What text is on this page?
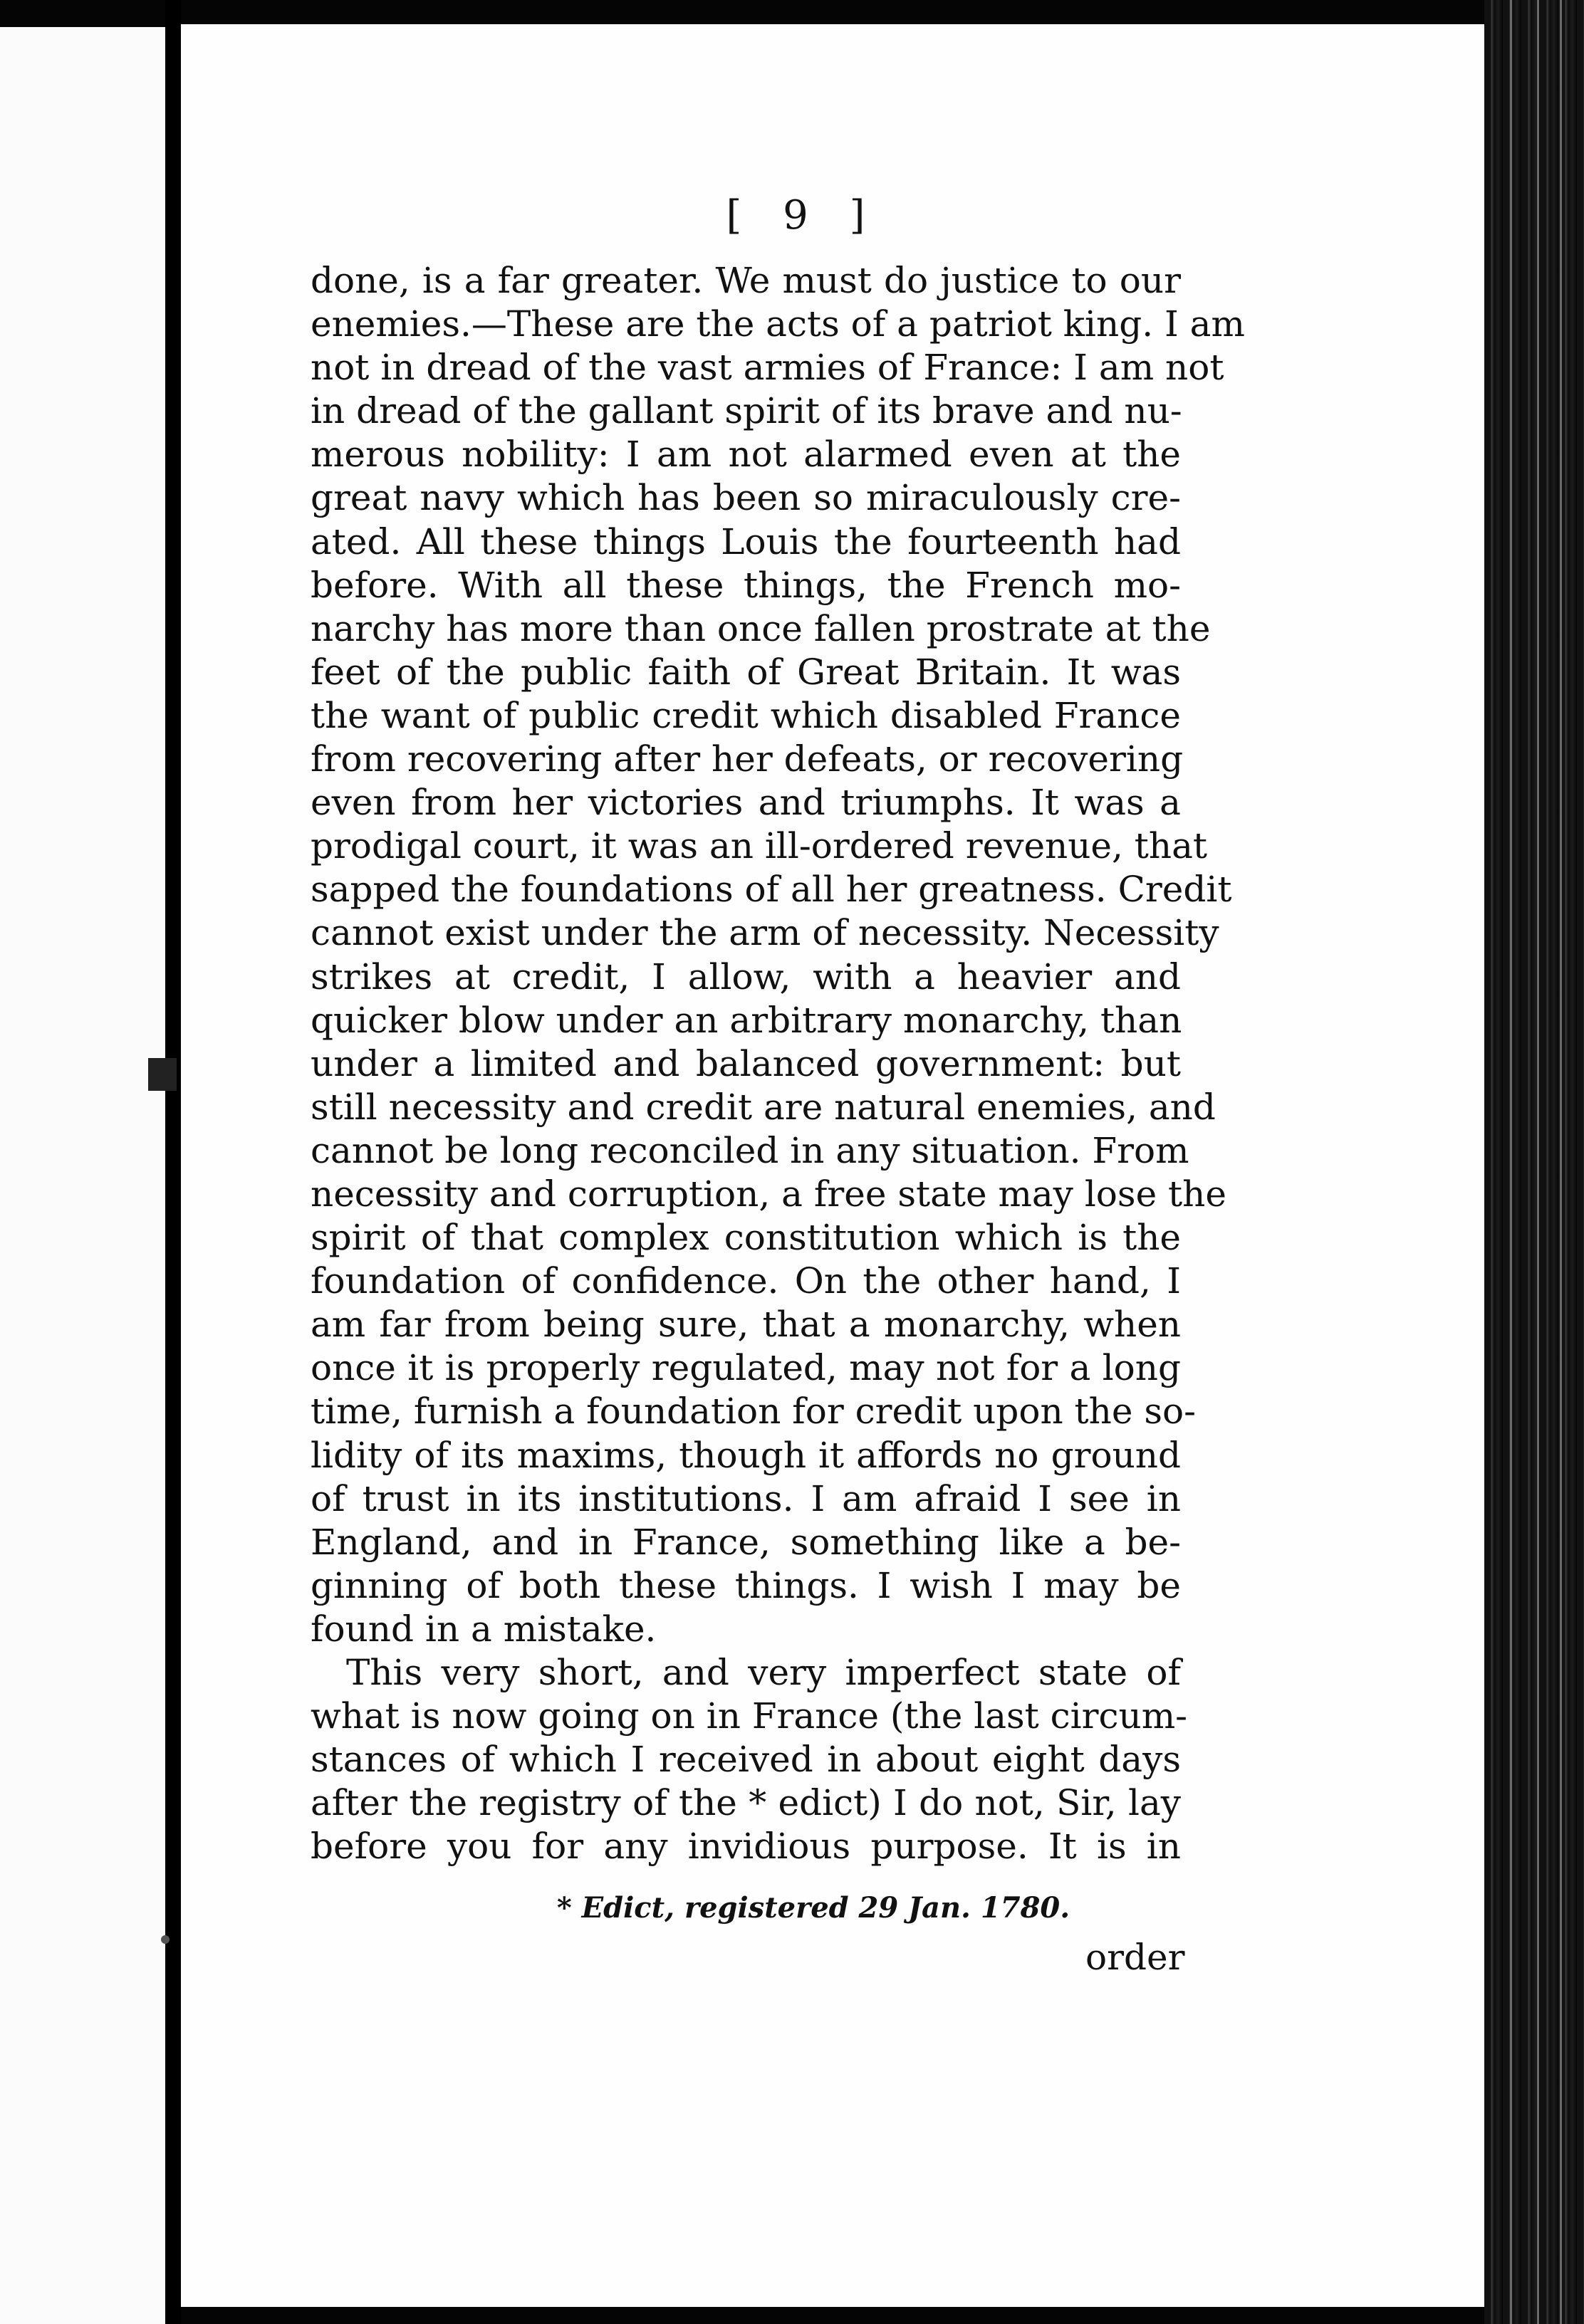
[ 9 ]
done, is a far greater. We must do justice to our
enemies.—These are the acts of a patriot king. I am
not in dread of the vast armies of France: I am not
in dread of the gallant spirit of its brave and nu-
merous nobility: I am not alarmed even at the
great navy which has been so miraculously cre-
ated. All these things Louis the fourteenth had
before. With all these things, the French mo-
narchy has more than once fallen prostrate at the
feet of the public faith of Great Britain. It was
the want of public credit which disabled France
from recovering after her defeats, or recovering
even from her victories and triumphs. It was a
prodigal court, it was an ill-ordered revenue, that
sapped the foundations of all her greatness. Credit
cannot exist under the arm of necessity. Necessity
strikes at credit, I allow, with a heavier and
quicker blow under an arbitrary monarchy, than
under a limited and balanced government: but
still necessity and credit are natural enemies, and
cannot be long reconciled in any situation. From
necessity and corruption, a free state may lose the
spirit of that complex constitution which is the
foundation of confidence. On the other hand, I
am far from being sure, that a monarchy, when
once it is properly regulated, may not for a long
time, furnish a foundation for credit upon the so-
lidity of its maxims, though it affords no ground
of trust in its institutions. I am afraid I see in
England, and in France, something like a be-
ginning of both these things. I wish I may be
found in a mistake.
This very short, and very imperfect state of
what is now going on in France (the last circum-
stances of which I received in about eight days
after the registry of the * edict) I do not, Sir, lay
before you for any invidious purpose. It is in
* Edict, registered 29 Jan. 1780.
order
